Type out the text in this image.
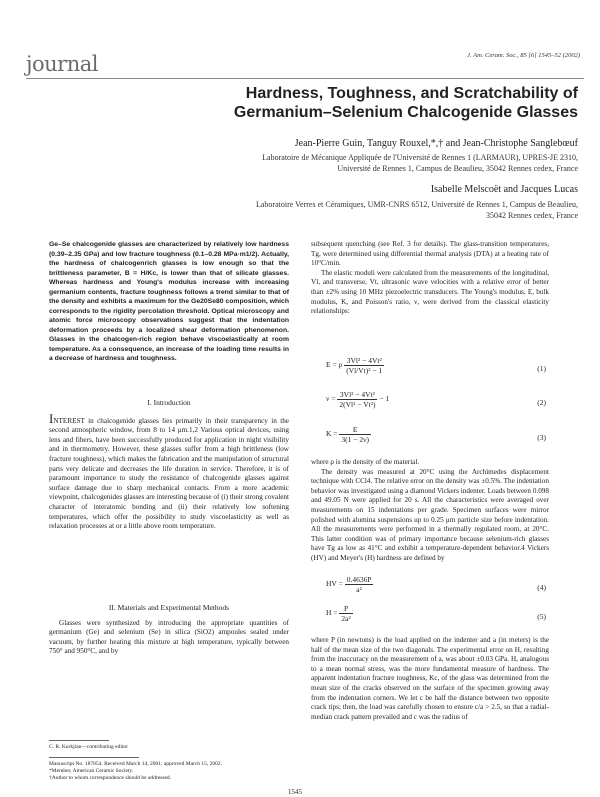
journal	J. Am. Ceram. Soc., 85 [6] 1545–52 (2002)
Hardness, Toughness, and Scratchability of
Germanium–Selenium Chalcogenide Glasses
Jean-Pierre Guin, Tanguy Rouxel,*,† and Jean-Christophe Sanglebœuf
Laboratoire de Mécanique Appliquée de l'Université de Rennes 1 (LARMAUR), UPRES-JE 2310,
Université de Rennes 1, Campus de Beaulieu, 35042 Rennes cedex, France
Isabelle Melscoët and Jacques Lucas
Laboratoire Verres et Céramiques, UMR-CNRS 6512, Université de Rennes 1, Campus de Beaulieu,
35042 Rennes cedex, France
Ge–Se chalcogenide glasses are characterized by relatively low hardness (0.39–2.35 GPa) and low fracture toughness (0.1–0.28 MPa·m1/2). Actually, the hardness of chalcogenrich glasses is low enough so that the brittleness parameter, B = H/Kc, is lower than that of silicate glasses. Whereas hardness and Young's modulus increase with increasing germanium contents, fracture toughness follows a trend similar to that of the density and exhibits a maximum for the Ge20Se80 composition, which corresponds to the rigidity percolation threshold. Optical microscopy and atomic force microscopy observations suggest that the indentation deformation proceeds by a localized shear deformation phenomenon. Glasses in the chalcogen-rich region behave viscoelastically at room temperature. As a consequence, an increase of the loading time results in a decrease of hardness and toughness.
I. Introduction

INTEREST in chalcogenide glasses lies primarily in their transparency in the second atmospheric window, from 8 to 14 μm.1,2 Various optical devices, using lens and fibers, have been successfully produced for application in night visibility and in thermometry. However, these glasses suffer from a high brittleness (low fracture toughness), which makes the fabrication and the manipulation of structural parts very delicate and decreases the life duration in service. Therefore, it is of paramount importance to study the resistance of chalcogenide glasses against surface damage due to sharp mechanical contacts. From a more academic viewpoint, chalcogenides glasses are interesting because of (i) their strong covalent character of interatomic bonding and (ii) their relatively low softening temperatures, which offer the possibility to study viscoelasticity as well as relaxation processes at or a little above room temperature.

II. Materials and Experimental Methods

Glasses were synthesized by introducing the appropriate quantities of germanium (Ge) and selenium (Se) in silica (SiO2) ampoules sealed under vacuum, by further heating this mixture at high temperature, typically between 750° and 950°C, and by

C. R. Kurkjian—contributing editor
Manuscript No. 187854. Received March 14, 2001; approved March 15, 2002.
*Member, American Ceramic Society.
†Author to whom correspondence should be addressed.

subsequent quenching (see Ref. 3 for details). The glass-transition temperatures, Tg, were determined using differential thermal analysis (DTA) at a heating rate of 10°C/min.

The elastic moduli were calculated from the measurements of the longitudinal, Vl, and transverse, Vt, ultrasonic wave velocities with a relative error of better than ±2% using 10 MHz piezoelectric transducers. The Young's modulus, E, bulk modulus, K, and Poisson's ratio, ν, were derived from the classical elasticity relationships:

E = ρ $\frac{\text{3Vl² − 4Vt²}}{\text{(Vl/Vt)² − 1}}$	(1)
$\nu = \frac{\text{3Vl² − 4Vt²}}{\text{2(Vl² − Vt²)}} - 1$	(2)
$K = \frac{E}{3(1 - 2\nu)}$	(3)

where ρ is the density of the material.

The density was measured at 20°C using the Archimedes displacement technique with CCl4. The relative error on the density was ±0.5%. The indentation behavior was investigated using a diamond Vickers indenter. Loads between 0.098 and 49.05 N were applied for 20 s. All the characteristics were averaged over measurements on 15 indentations per grade. Specimen surfaces were mirror polished with alumina suspensions up to 0.25 μm particle size before indentation. All the measurements were performed in a thermally regulated room, at 20°C. This latter condition was of primary importance because selenium-rich glasses have Tg as low as 41°C and exhibit a temperature-dependent behavior.4 Vickers (HV) and Meyer's (H) hardness are defined by

HV = $\frac{0.4636P}{\text{a²}}$	(4)
$H = \frac{P}{\text{2a²}}$	(5)

where P (in newtons) is the load applied on the indenter and a (in meters) is the half of the mean size of the two diagonals. The experimental error on H, resulting from the inaccuracy on the measurement of a, was about ±0.03 GPa. H, analogous to a mean normal stress, was the more fundamental measure of hardness. The apparent indentation fracture toughness, Kc, of the glass was determined from the mean size of the cracks observed on the surface of the specimen growing away from the indentation corners. We let c be half the distance between two opposite crack tips; then, the load was carefully chosen to ensure c/a > 2.5, so that a radial-median crack pattern prevailed and c was the radius of

1545
